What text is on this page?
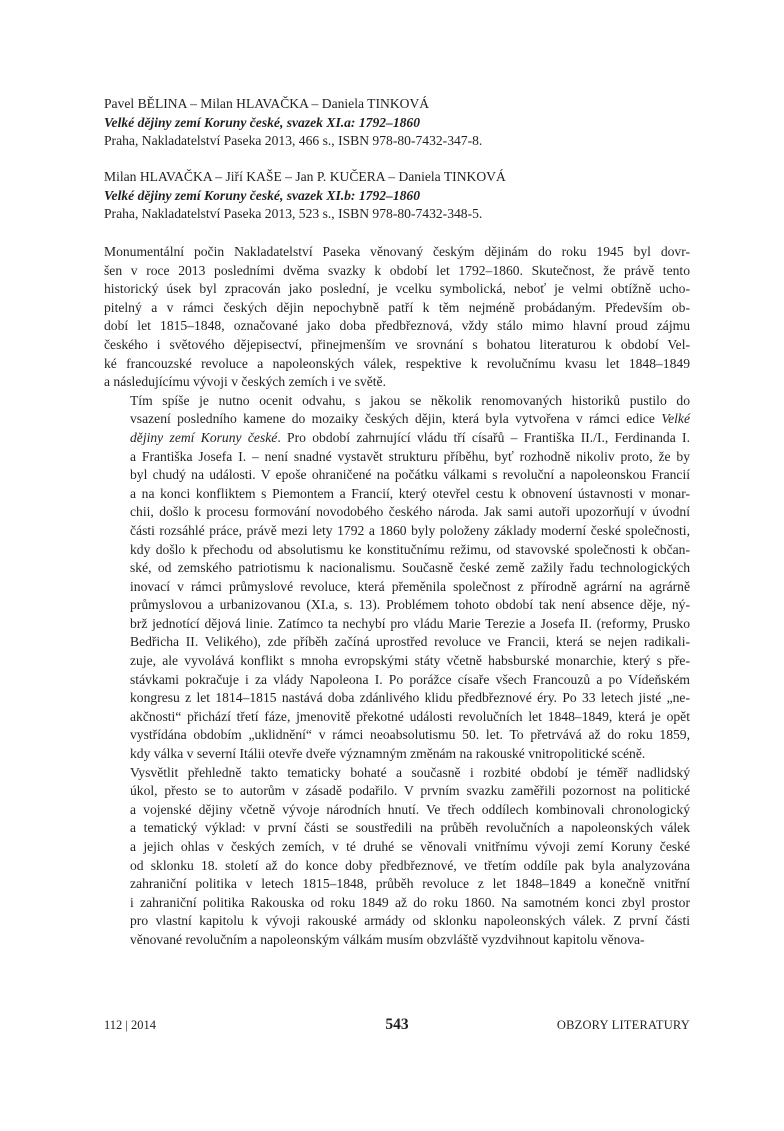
Pavel BĚLINA – Milan HLAVAČKA – Daniela TINKOVÁ
Velké dějiny zemí Koruny české, svazek XI.a: 1792–1860
Praha, Nakladatelství Paseka 2013, 466 s., ISBN 978-80-7432-347-8.
Milan HLAVAČKA – Jiří KAŠE – Jan P. KUČERA – Daniela TINKOVÁ
Velké dějiny zemí Koruny české, svazek XI.b: 1792–1860
Praha, Nakladatelství Paseka 2013, 523 s., ISBN 978-80-7432-348-5.

Monumentální počin Nakladatelství Paseka věnovaný českým dějinám do roku 1945 byl dovr-
šen v roce 2013 posledními dvěma svazky k období let 1792–1860. Skutečnost, že právě tento
historický úsek byl zpracován jako poslední, je vcelku symbolická, neboť je velmi obtížně ucho-
pitelný a v rámci českých dějin nepochybně patří k těm nejméně probádaným. Především ob-
dobí let 1815–1848, označované jako doba předbřeznová, vždy stálo mimo hlavní proud zájmu
českého i světového dějepisectví, přinejmenším ve srovnání s bohatou literaturou k období Vel-
ké francouzské revoluce a napoleonských válek, respektive k revolučnímu kvasu let 1848–1849
a následujícímu vývoji v českých zemích i ve světě.

Tím spíše je nutno ocenit odvahu, s jakou se několik renomovaných historiků pustilo do
vsazení posledního kamene do mozaiky českých dějin, která byla vytvořena v rámci edice Velké
dějiny zemí Koruny české. Pro období zahrnující vládu tří císařů – Františka II./I., Ferdinanda I.
a Františka Josefa I. – není snadné vystavět strukturu příběhu, byť rozhodně nikoliv proto, že by
byl chudý na události. V epoše ohraničené na počátku válkami s revoluční a napoleonskou Francií
a na konci konfliktem s Piemontem a Francií, který otevřel cestu k obnovení ústavnosti v monar-
chii, došlo k procesu formování novodobého českého národa. Jak sami autoři upozorňují v úvodní
části rozsáhlé práce, právě mezi lety 1792 a 1860 byly položeny základy moderní české společnosti,
kdy došlo k přechodu od absolutismu ke konstitučnímu režimu, od stavovské společnosti k občan-
ské, od zemského patriotismu k nacionalismu. Současně české země zažily řadu technologických
inovací v rámci průmyslové revoluce, která přeměnila společnost z přírodně agrární na agrárně
průmyslovou a urbanizovanou (XI.a, s. 13). Problémem tohoto období tak není absence děje, ný-
brž jednotící dějová linie. Zatímco ta nechybí pro vládu Marie Terezie a Josefa II. (reformy, Prusko
Bedřicha II. Velikého), zde příběh začíná uprostřed revoluce ve Francii, která se nejen radikali-
zuje, ale vyvolává konflikt s mnoha evropskými státy včetně habsburské monarchie, který s pře-
stávkami pokračuje i za vlády Napoleona I. Po porážce císaře všech Francouzů a po Vídeňském
kongresu z let 1814–1815 nastává doba zdánlivého klidu předbřeznové éry. Po 33 letech jisté „ne-
akčnosti“ přichází třetí fáze, jmenovitě překotné události revolučních let 1848–1849, která je opět
vystřídána obdobím „uklidnění“ v rámci neoabsolutismu 50. let. To přetrvává až do roku 1859,
kdy válka v severní Itálii otevře dveře významným změnám na rakouské vnitropolitické scéně.

Vysvětlit přehledně takto tematicky bohaté a současně i rozbité období je téměř nadlidský
úkol, přesto se to autorům v zásadě podařilo. V prvním svazku zaměřili pozornost na politické
a vojenské dějiny včetně vývoje národních hnutí. Ve třech oddílech kombinovali chronologický
a tematický výklad: v první části se soustředili na průběh revolučních a napoleonských válek
a jejich ohlas v českých zemích, v té druhé se věnovali vnitřnímu vývoji zemí Koruny české
od sklonku 18. století až do konce doby předbřeznové, ve třetím oddíle pak byla analyzována
zahraniční politika v letech 1815–1848, průběh revoluce z let 1848–1849 a konečně vnitřní
i zahraniční politika Rakouska od roku 1849 až do roku 1860. Na samotném konci zbyl prostor
pro vlastní kapitolu k vývoji rakouské armády od sklonku napoleonských válek. Z první části
věnované revolučním a napoleonským válkám musím obzvláště vyzdvihnout kapitolu věnova-

112 | 2014	543	OBZORY LITERATURY
